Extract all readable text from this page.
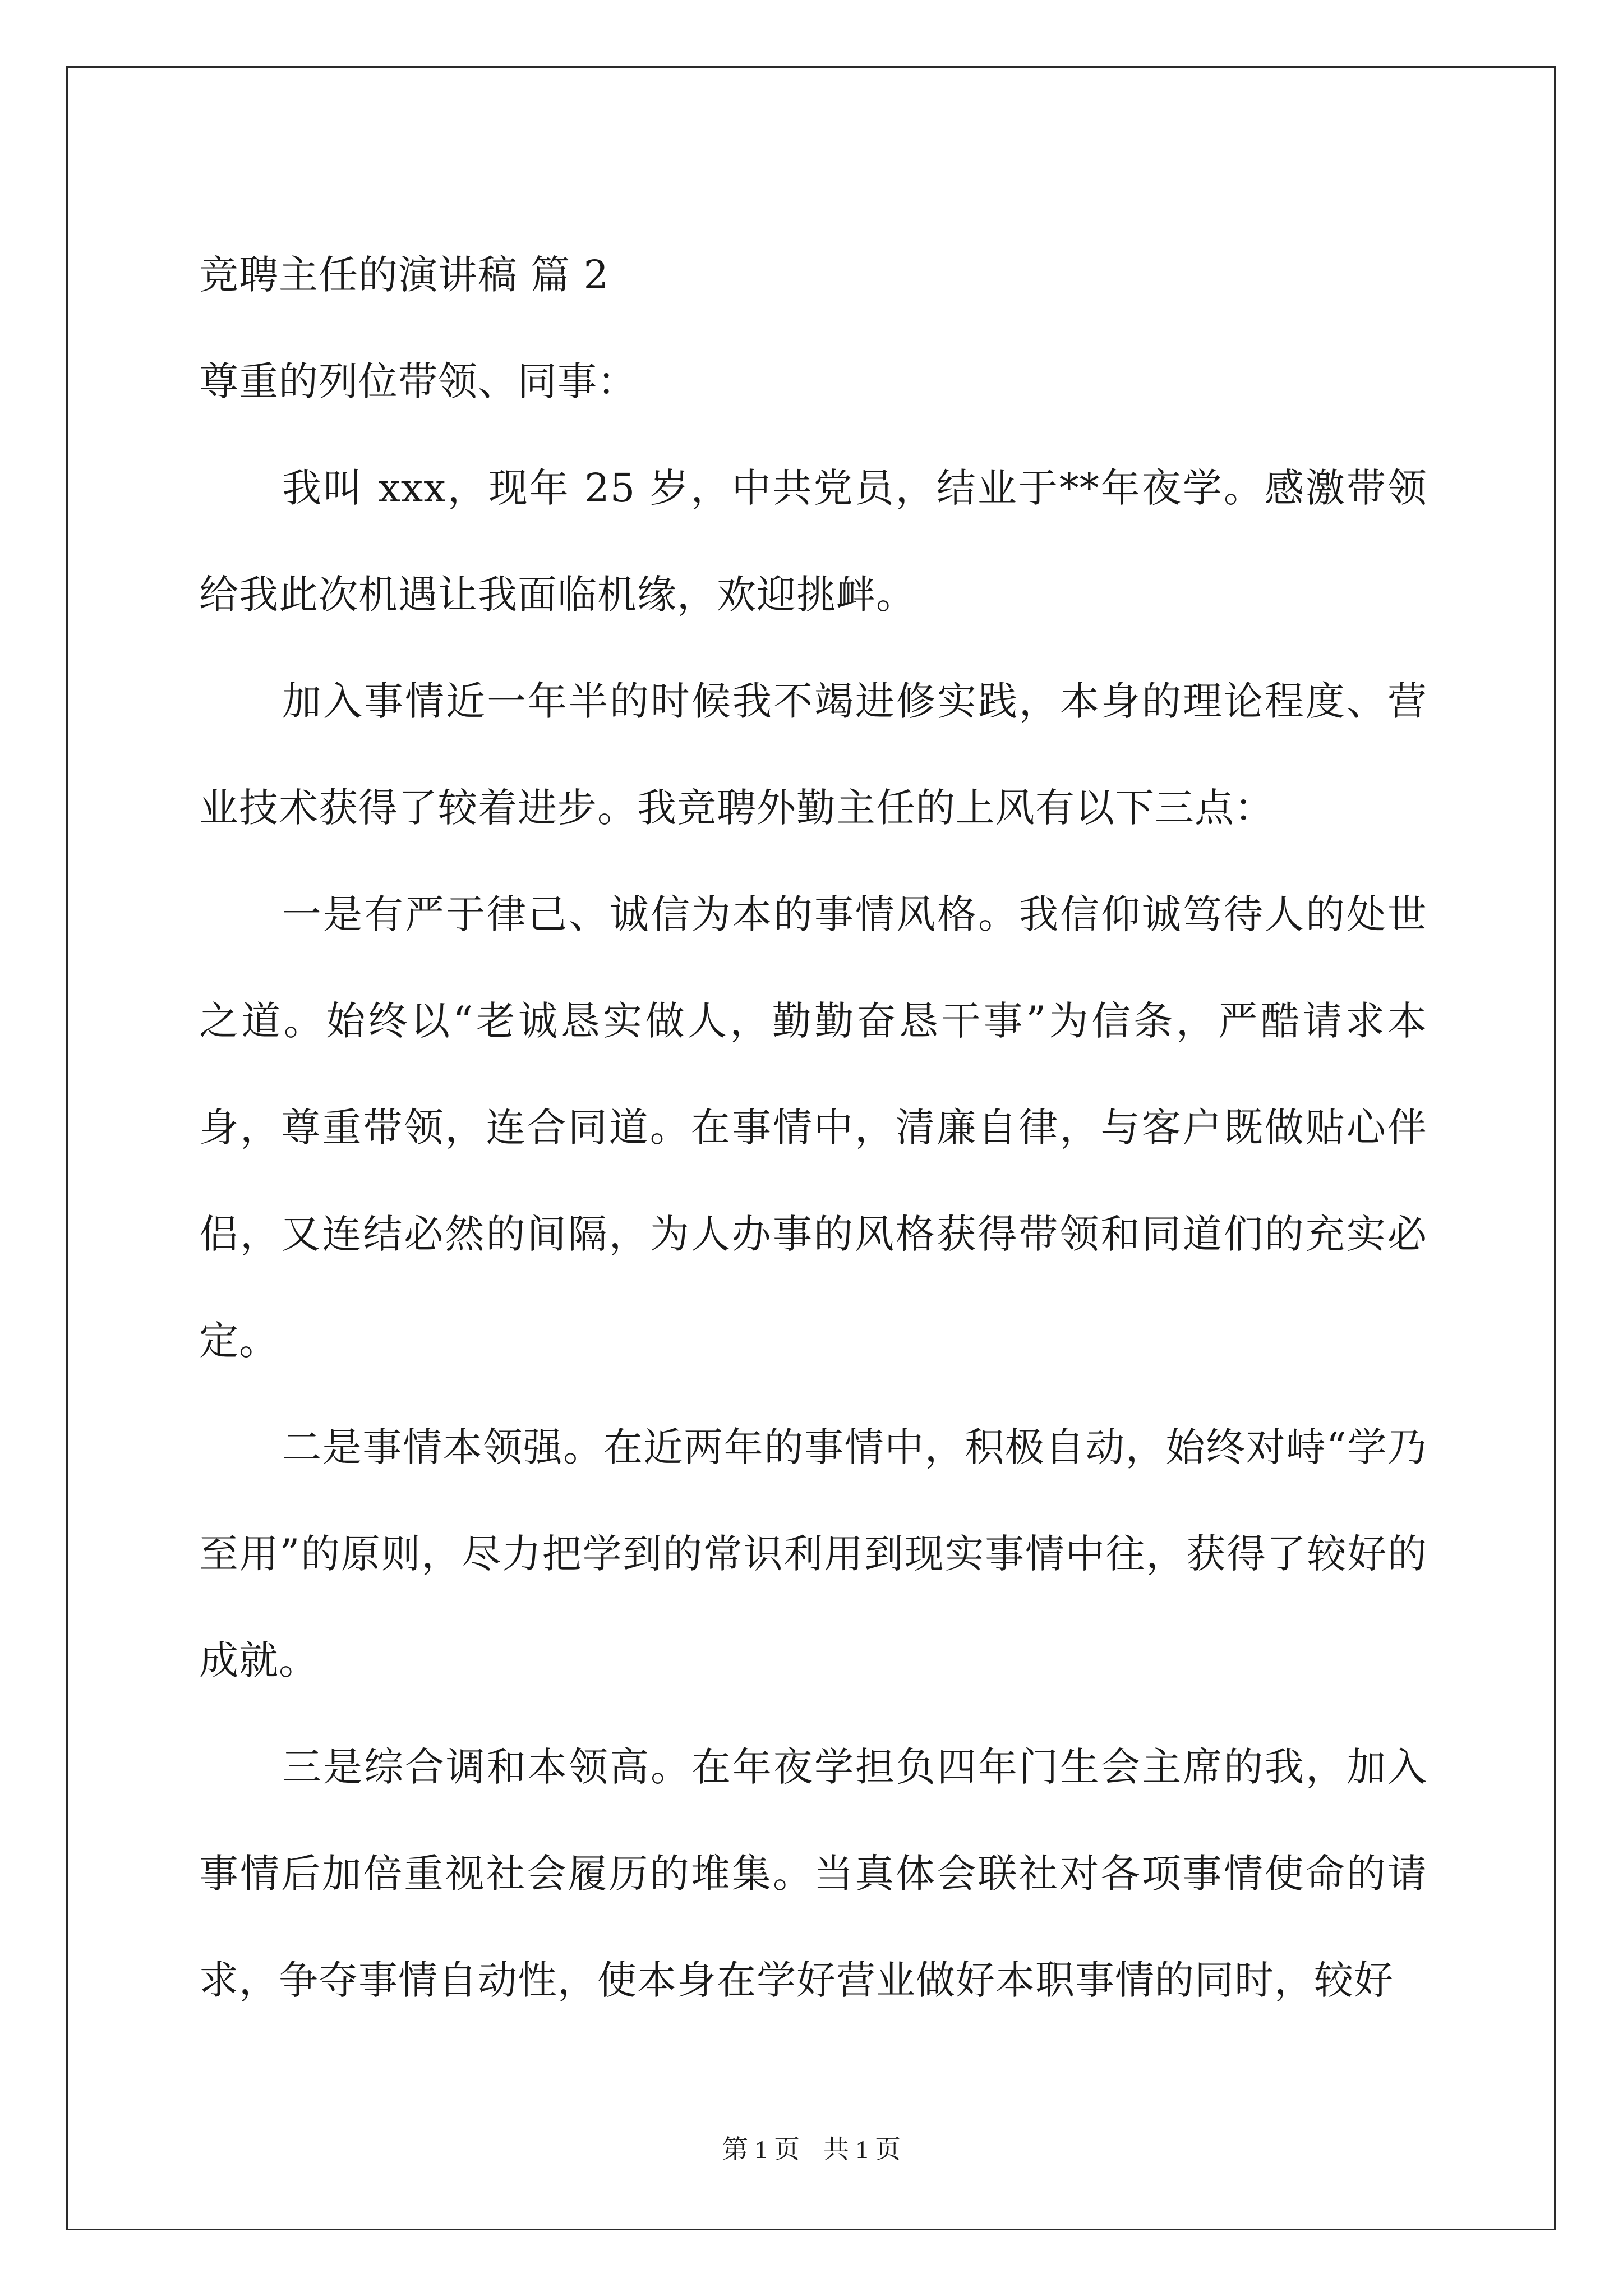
竞聘主任的演讲稿 篇 2

尊重的列位带领、同事：

我叫 xxx，现年 25 岁，中共党员，结业于**年夜学。感激带领给我此次机遇让我面临机缘，欢迎挑衅。

加入事情近一年半的时候我不竭进修实践，本身的理论程度、营业技术获得了较着进步。我竞聘外勤主任的上风有以下三点：

一是有严于律己、诚信为本的事情风格。我信仰诚笃待人的处世之道。始终以“老诚恳实做人，勤勤奋恳干事”为信条，严酷请求本身，尊重带领，连合同道。在事情中，清廉自律，与客户既做贴心伴侣，又连结必然的间隔，为人办事的风格获得带领和同道们的充实必定。

二是事情本领强。在近两年的事情中，积极自动，始终对峙“学乃至用”的原则，尽力把学到的常识利用到现实事情中往，获得了较好的成就。

三是综合调和本领高。在年夜学担负四年门生会主席的我，加入事情后加倍重视社会履历的堆集。当真体会联社对各项事情使命的请求，争夺事情自动性，使本身在学好营业做好本职事情的同时，较好

第 1 页 共 1 页
